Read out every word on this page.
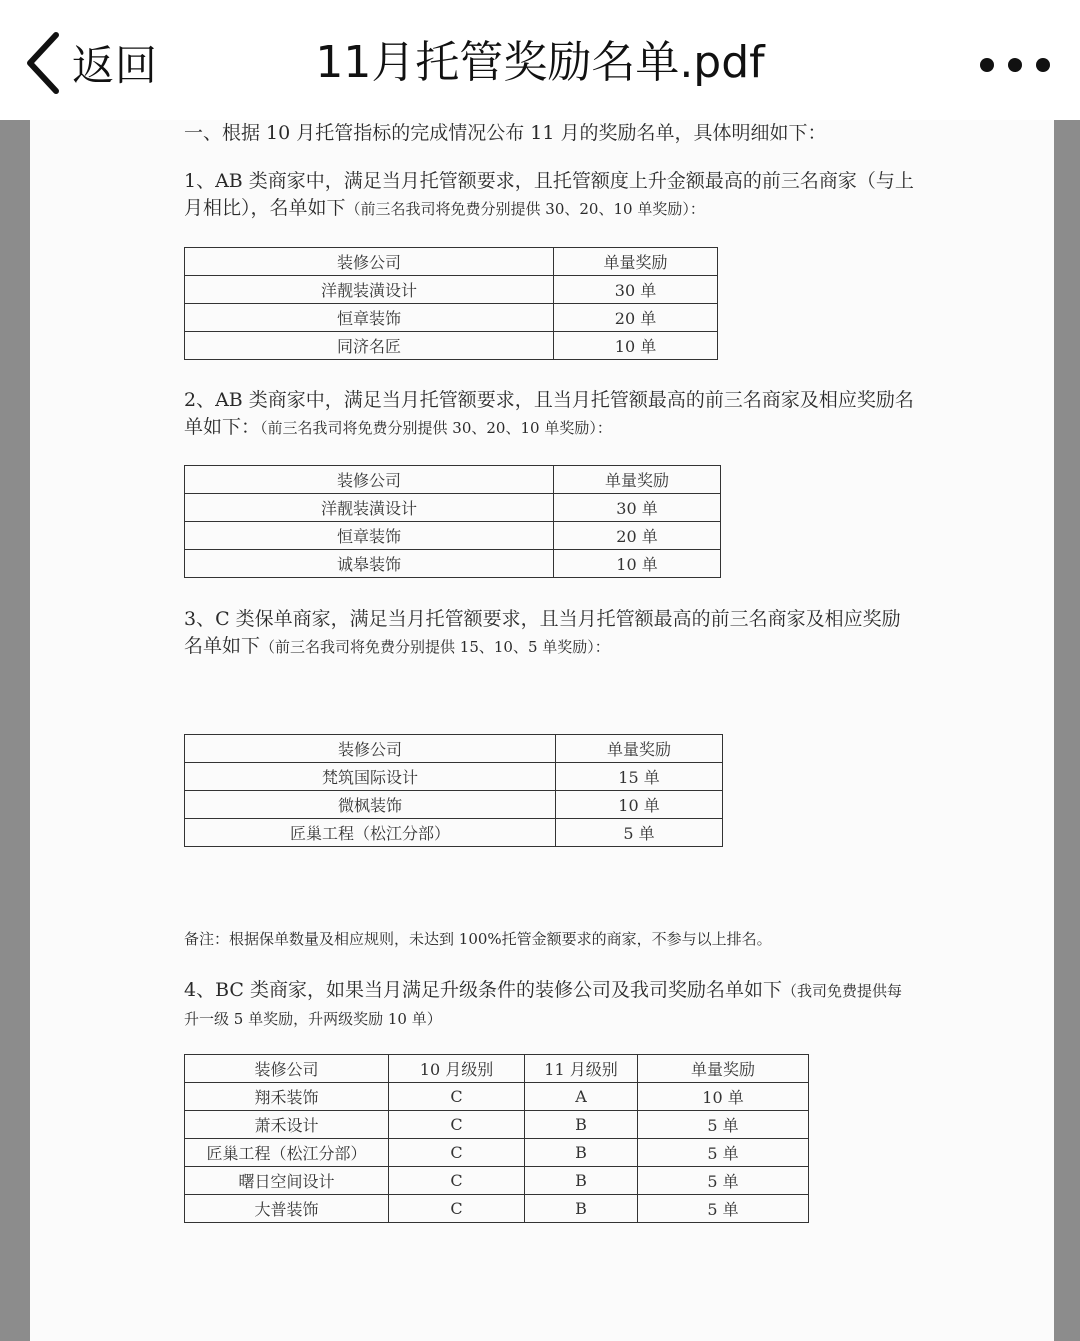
返回	11月托管奖励名单.pdf

一、根据 10 月托管指标的完成情况公布 11 月的奖励名单，具体明细如下：

1、AB 类商家中，满足当月托管额要求，且托管额度上升金额最高的前三名商家（与上月相比），名单如下（前三名我司将免费分别提供 30、20、10 单奖励）：

装修公司	单量奖励
洋靓装潢设计	30 单
恒章装饰	20 单
同济名匠	10 单

2、AB 类商家中，满足当月托管额要求，且当月托管额最高的前三名商家及相应奖励名单如下：（前三名我司将免费分别提供 30、20、10 单奖励）：

装修公司	单量奖励
洋靓装潢设计	30 单
恒章装饰	20 单
诚皋装饰	10 单

3、C 类保单商家，满足当月托管额要求，且当月托管额最高的前三名商家及相应奖励名单如下（前三名我司将免费分别提供 15、10、5 单奖励）：

装修公司	单量奖励
梵筑国际设计	15 单
微枫装饰	10 单
匠巢工程（松江分部）	5 单

备注：根据保单数量及相应规则，未达到 100%托管金额要求的商家，不参与以上排名。

4、BC 类商家，如果当月满足升级条件的装修公司及我司奖励名单如下（我司免费提供每升一级 5 单奖励，升两级奖励 10 单）

装修公司	10 月级别	11 月级别	单量奖励
翔禾装饰	C	A	10 单
萧禾设计	C	B	5 单
匠巢工程（松江分部）	C	B	5 单
曙日空间设计	C	B	5 单
大普装饰	C	B	5 单
